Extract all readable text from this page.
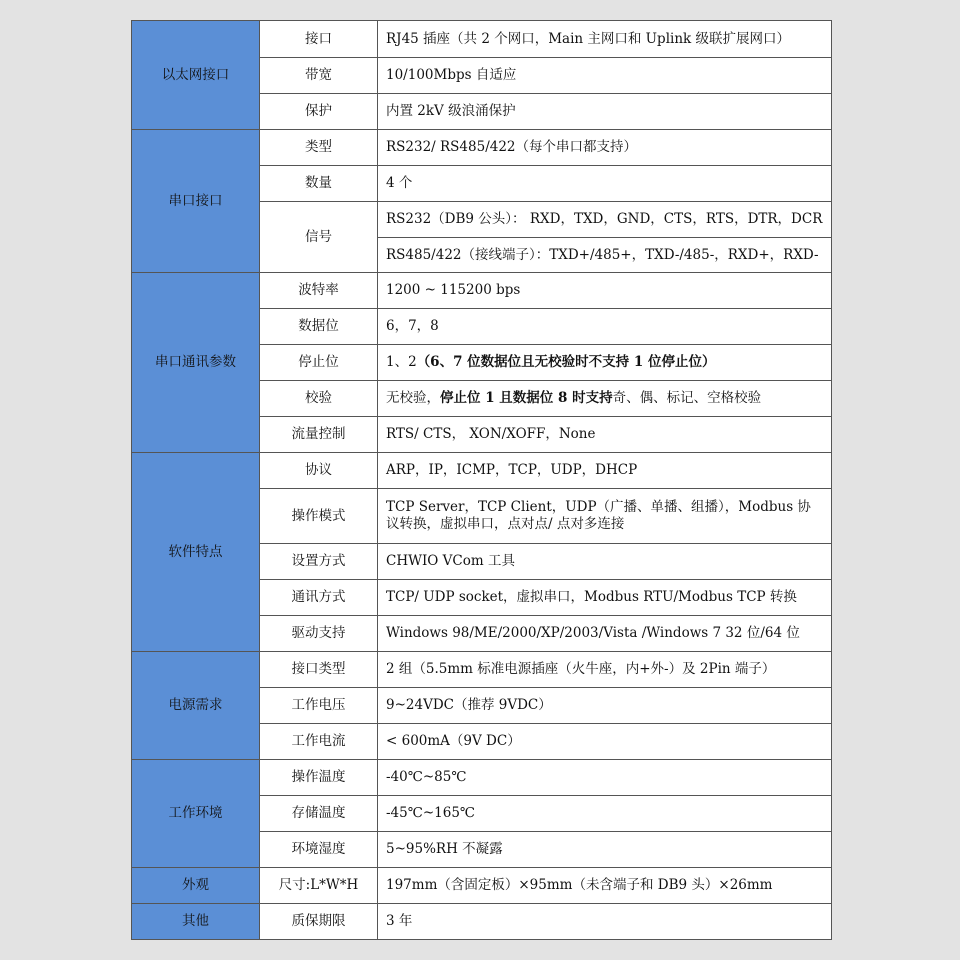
以太网接口	接口	RJ45 插座（共 2 个网口，Main 主网口和 Uplink 级联扩展网口）
	带宽	10/100Mbps 自适应
	保护	内置 2kV 级浪涌保护
串口接口	类型	RS232/ RS485/422（每个串口都支持）
	数量	4 个
	信号	RS232（DB9 公头）： RXD，TXD，GND，CTS，RTS，DTR，DCR
		RS485/422（接线端子）：TXD+/485+，TXD-/485-，RXD+，RXD-
串口通讯参数	波特率	1200 ~ 115200 bps
	数据位	6，7，8
	停止位	1、2（6、7 位数据位且无校验时不支持 1 位停止位）
	校验	无校验，停止位 1 且数据位 8 时支持奇、偶、标记、空格校验
	流量控制	RTS/ CTS， XON/XOFF，None
软件特点	协议	ARP，IP，ICMP，TCP，UDP，DHCP
	操作模式	TCP Server，TCP Client，UDP（广播、单播、组播），Modbus 协议转换，虚拟串口，点对点/ 点对多连接
	设置方式	CHWIO VCom 工具
	通讯方式	TCP/ UDP socket，虚拟串口，Modbus RTU/Modbus TCP 转换
	驱动支持	Windows 98/ME/2000/XP/2003/Vista /Windows 7 32 位/64 位
电源需求	接口类型	2 组（5.5mm 标准电源插座（火牛座，内+外-）及 2Pin 端子）
	工作电压	9~24VDC（推荐 9VDC）
	工作电流	< 600mA（9V DC）
工作环境	操作温度	-40℃~85℃
	存储温度	-45℃~165℃
	环境湿度	5~95%RH 不凝露
外观	尺寸:L*W*H	197mm（含固定板）×95mm（未含端子和 DB9 头）×26mm
其他	质保期限	3 年
